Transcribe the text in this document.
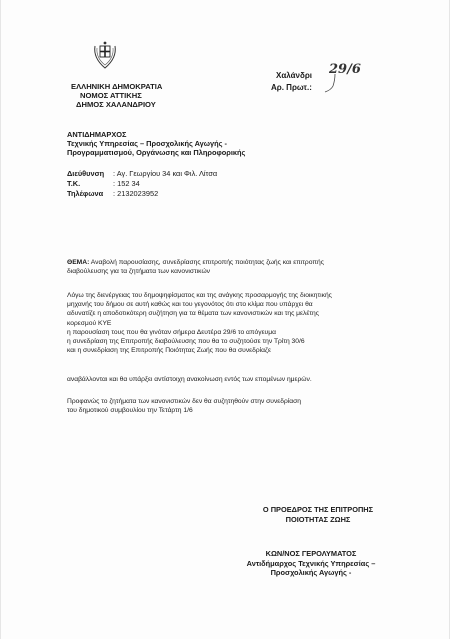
ΕΛΛΗΝΙΚΗ ΔΗΜΟΚΡΑΤΙΑ
ΝΟΜΟΣ ΑΤΤΙΚΗΣ
ΔΗΜΟΣ ΧΑΛΑΝΔΡΙΟΥ
Χαλάνδρι
Αρ. Πρωτ.:
29/6
ΑΝΤΙΔΗΜΑΡΧΟΣ
Τεχνικής Υπηρεσίας – Προσχολικής Αγωγής -
Προγραμματισμού, Οργάνωσης και Πληροφορικής
Διεύθυνση : Αγ. Γεωργίου 34 και Φιλ. Λίτσα
Τ.Κ.	: 152 34
Τηλέφωνα : 2132023952
ΘΕΜΑ: Αναβολή παρουσίασης, συνεδρίασης επιτροπής ποιότητας ζωής και επιτροπής
διαβούλευσης για τα ζητήματα των κανονιστικών
Λόγω της διενέργειας του δημοψηφίσματος και της ανάγκης προσαρμογής της διοικητικής
μηχανής του δήμου σε αυτή καθώς και του γεγονότος ότι στο κλίμα που υπάρχει θα
αδυνατίζε η αποδοτικότερη συζήτηση για τα θέματα των κανονιστικών και της μελέτης
κορεσμού ΚΥΕ
η παρουσίαση τους που θα γινόταν σήμερα Δευτέρα 29/6 το απόγευμα
η συνεδρίαση της Επιτροπής διαβούλευσης που θα το συζητούσε την Τρίτη 30/6
και η συνεδρίαση της Επιτροπής Ποιότητας Ζωής που θα συνεδρίαζε
αναβάλλονται και θα υπάρξει αντίστοιχη ανακοίνωση εντός των επομένων ημερών.
Προφανώς το ζητήματα των κανονιστικών δεν θα συζητηθούν στην συνεδρίαση
του δημοτικού συμβουλίου την Τετάρτη 1/6
Ο ΠΡΟΕΔΡΟΣ ΤΗΣ ΕΠΙΤΡΟΠΗΣ
ΠΟΙΟΤΗΤΑΣ ΖΩΗΣ
ΚΩΝ/ΝΟΣ ΓΕΡΟΛΥΜΑΤΟΣ
Αντιδήμαρχος Τεχνικής Υπηρεσίας –
Προσχολικής Αγωγής -
